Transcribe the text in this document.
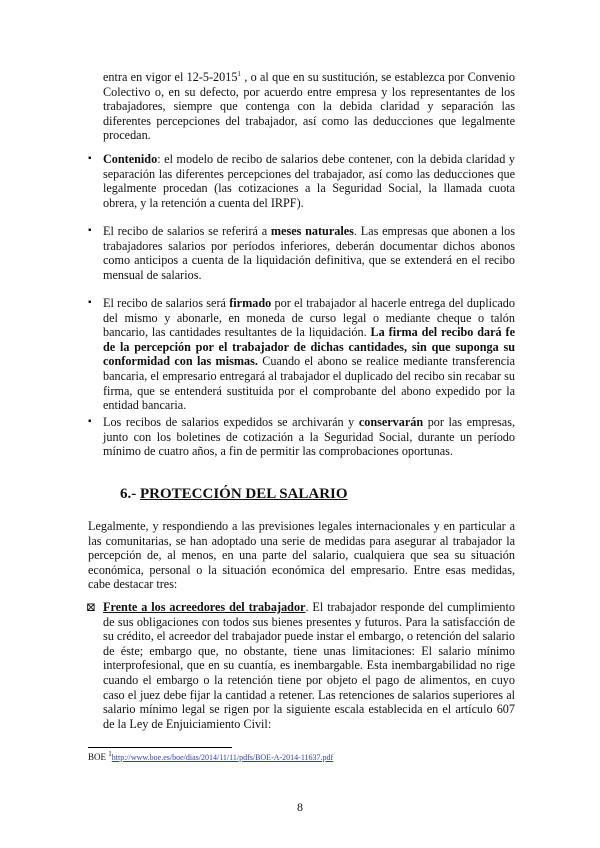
entra en vigor el 12-5-2015$^1$ , o al que en su sustitución, se establezca por Convenio Colectivo o, en su defecto, por acuerdo entre empresa y los representantes de los trabajadores, siempre que contenga con la debida claridad y separación las diferentes percepciones del trabajador, así como las deducciones que legalmente procedan.

▪ Contenido: el modelo de recibo de salarios debe contener, con la debida claridad y separación las diferentes percepciones del trabajador, así como las deducciones que legalmente procedan (las cotizaciones a la Seguridad Social, la llamada cuota obrera, y la retención a cuenta del IRPF).

▪ El recibo de salarios se referirá a meses naturales. Las empresas que abonen a los trabajadores salarios por períodos inferiores, deberán documentar dichos abonos como anticipos a cuenta de la liquidación definitiva, que se extenderá en el recibo mensual de salarios.

▪ El recibo de salarios será firmado por el trabajador al hacerle entrega del duplicado del mismo y abonarle, en moneda de curso legal o mediante cheque o talón bancario, las cantidades resultantes de la liquidación. La firma del recibo dará fe de la percepción por el trabajador de dichas cantidades, sin que suponga su conformidad con las mismas. Cuando el abono se realice mediante transferencia bancaria, el empresario entregará al trabajador el duplicado del recibo sin recabar su firma, que se entenderá sustituida por el comprobante del abono expedido por la entidad bancaria.

▪ Los recibos de salarios expedidos se archivarán y conservarán por las empresas, junto con los boletines de cotización a la Seguridad Social, durante un período mínimo de cuatro años, a fin de permitir las comprobaciones oportunas.

6.- PROTECCIÓN DEL SALARIO

Legalmente, y respondiendo a las previsiones legales internacionales y en particular a las comunitarias, se han adoptado una serie de medidas para asegurar al trabajador la percepción de, al menos, en una parte del salario, cualquiera que sea su situación económica, personal o la situación económica del empresario. Entre esas medidas, cabe destacar tres:

⊠ Frente a los acreedores del trabajador. El trabajador responde del cumplimiento de sus obligaciones con todos sus bienes presentes y futuros. Para la satisfacción de su crédito, el acreedor del trabajador puede instar el embargo, o retención del salario de éste; embargo que, no obstante, tiene unas limitaciones: El salario mínimo interprofesional, que en su cuantía, es inembargable. Esta inembargabilidad no rige cuando el embargo o la retención tiene por objeto el pago de alimentos, en cuyo caso el juez debe fijar la cantidad a retener. Las retenciones de salarios superiores al salario mínimo legal se rigen por la siguiente escala establecida en el artículo 607 de la Ley de Enjuiciamiento Civil:

BOE $^1$http://www.boe.es/boe/dias/2014/11/11/pdfs/BOE-A-2014-11637.pdf
8
